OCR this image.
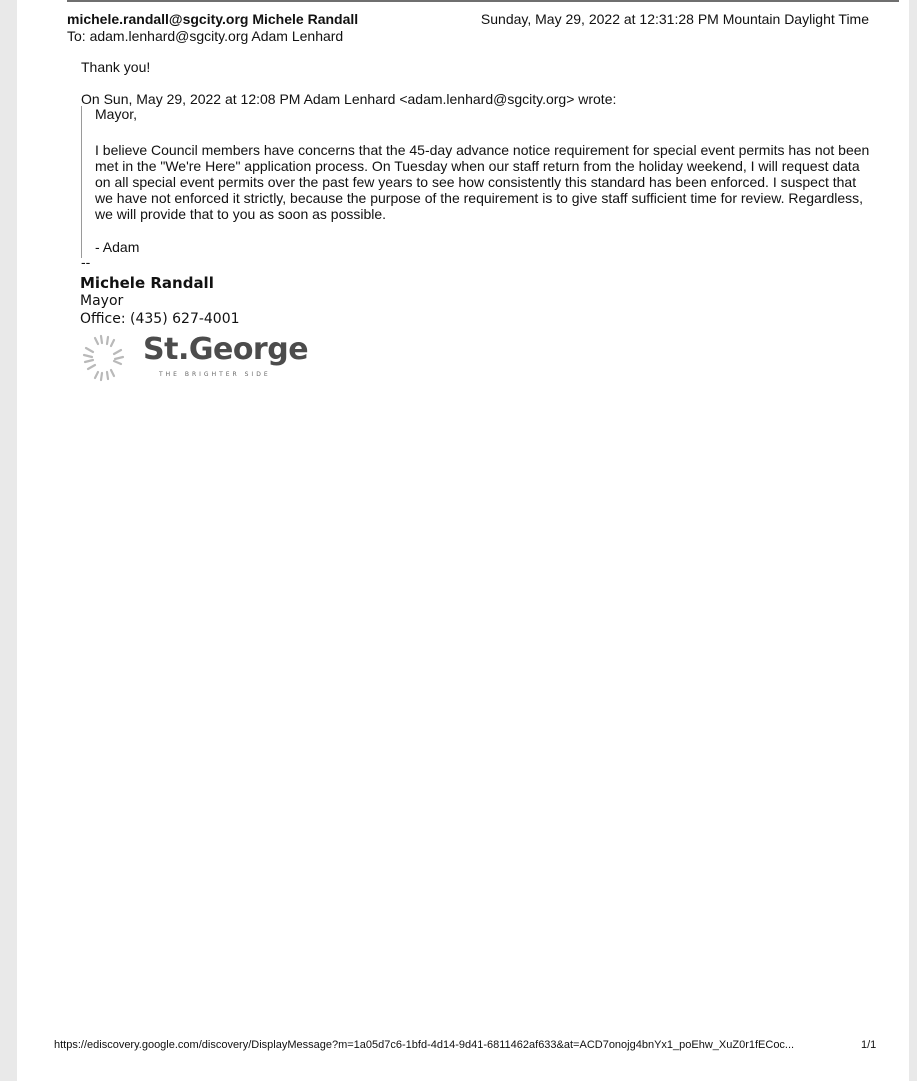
michele.randall@sgcity.org Michele Randall	Sunday, May 29, 2022 at 12:31:28 PM Mountain Daylight Time
To: adam.lenhard@sgcity.org Adam Lenhard
Thank you!
On Sun, May 29, 2022 at 12:08 PM Adam Lenhard <adam.lenhard@sgcity.org> wrote:
Mayor,
I believe Council members have concerns that the 45-day advance notice requirement for special event permits has not been met in the "We're Here" application process. On Tuesday when our staff return from the holiday weekend, I will request data on all special event permits over the past few years to see how consistently this standard has been enforced. I suspect that we have not enforced it strictly, because the purpose of the requirement is to give staff sufficient time for review. Regardless, we will provide that to you as soon as possible.
- Adam
--
Michele Randall
Mayor
Office: (435) 627-4001
St.George
THE BRIGHTER SIDE
https://ediscovery.google.com/discovery/DisplayMessage?m=1a05d7c6-1bfd-4d14-9d41-6811462af633&at=ACD7onojg4bnYx1_poEhw_XuZ0r1fECoc...	1/1
